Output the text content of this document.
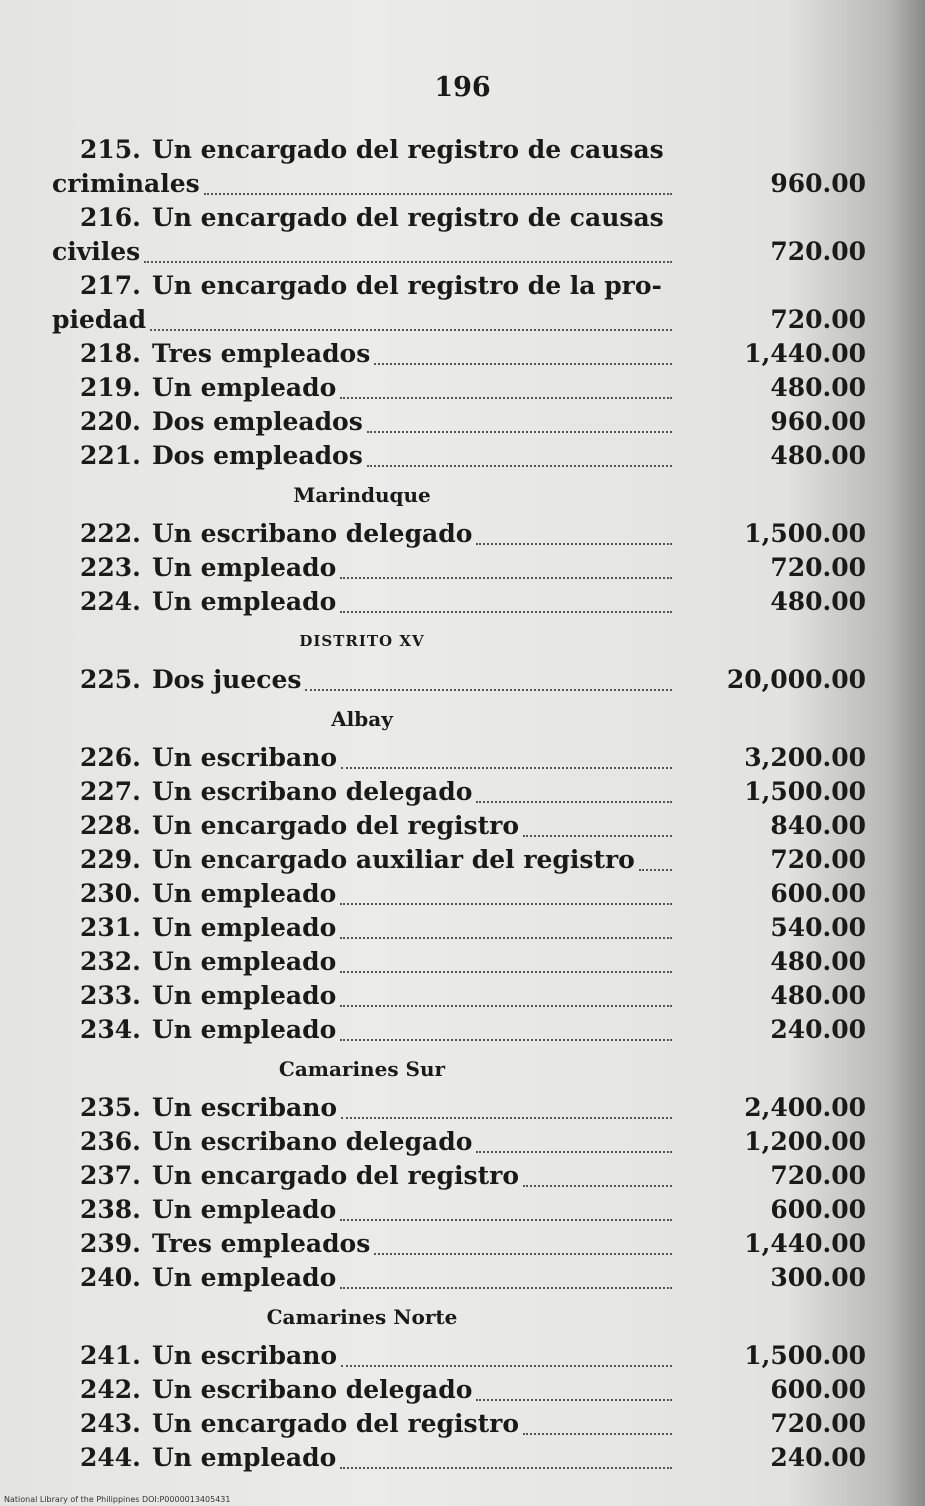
196
215. Un encargado del registro de causas
criminales	960.00
216. Un encargado del registro de causas
civiles	720.00
217. Un encargado del registro de la pro-
piedad	720.00
218. Tres empleados	1,440.00
219. Un empleado	480.00
220. Dos empleados	960.00
221. Dos empleados	480.00
Marinduque
222. Un escribano delegado	1,500.00
223. Un empleado	720.00
224. Un empleado	480.00
DISTRITO XV
225. Dos jueces	20,000.00
Albay
226. Un escribano	3,200.00
227. Un escribano delegado	1,500.00
228. Un encargado del registro	840.00
229. Un encargado auxiliar del registro	720.00
230. Un empleado	600.00
231. Un empleado	540.00
232. Un empleado	480.00
233. Un empleado	480.00
234. Un empleado	240.00
Camarines Sur
235. Un escribano	2,400.00
236. Un escribano delegado	1,200.00
237. Un encargado del registro	720.00
238. Un empleado	600.00
239. Tres empleados	1,440.00
240. Un empleado	300.00
Camarines Norte
241. Un escribano	1,500.00
242. Un escribano delegado	600.00
243. Un encargado del registro	720.00
244. Un empleado	240.00
National Library of the Philippines DOI:P0000013405431
